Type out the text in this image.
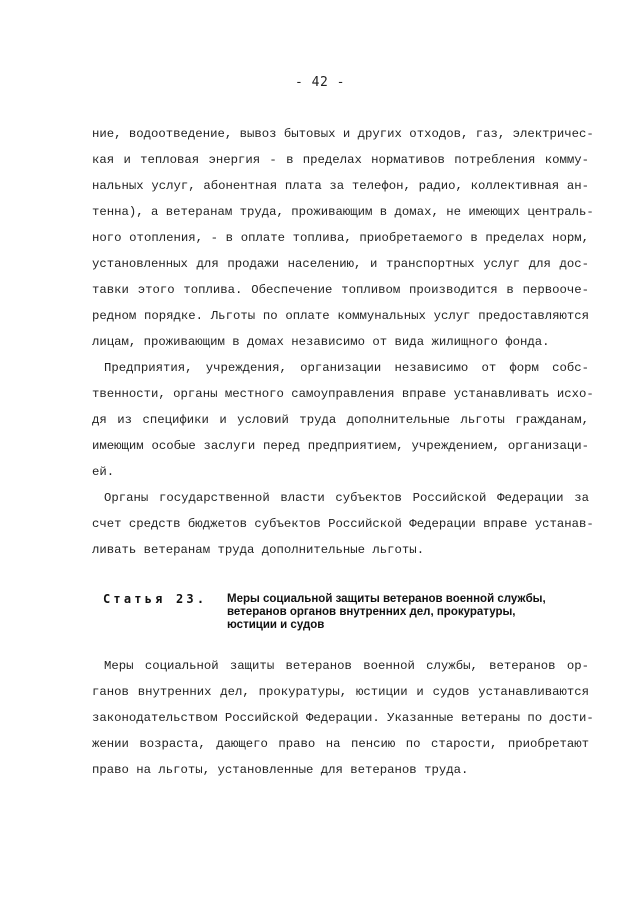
- 42 -
ние, водоотведение, вывоз бытовых и других отходов, газ, электричес-
кая и тепловая энергия - в пределах нормативов потребления комму-
нальных услуг, абонентная плата за телефон, радио, коллективная ан-
тенна), а ветеранам труда, проживающим в домах, не имеющих централь-
ного отопления, - в оплате топлива, приобретаемого в пределах норм,
установленных для продажи населению, и транспортных услуг для дос-
тавки этого топлива. Обеспечение топливом производится в первооче-
редном порядке. Льготы по оплате коммунальных услуг предоставляются
лицам, проживающим в домах независимо от вида жилищного фонда.
Предприятия, учреждения, организации независимо от форм собс-
твенности, органы местного самоуправления вправе устанавливать исхо-
дя из специфики и условий труда дополнительные льготы гражданам,
имеющим особые заслуги перед предприятием, учреждением, организаци-
ей.
Органы государственной власти субъектов Российской Федерации за
счет средств бюджетов субъектов Российской Федерации вправе устанав-
ливать ветеранам труда дополнительные льготы.
Статья 23. Меры социальной защиты ветеранов военной службы,
ветеранов органов внутренних дел, прокуратуры,
юстиции и судов
Меры социальной защиты ветеранов военной службы, ветеранов ор-
ганов внутренних дел, прокуратуры, юстиции и судов устанавливаются
законодательством Российской Федерации. Указанные ветераны по дости-
жении возраста, дающего право на пенсию по старости, приобретают
право на льготы, установленные для ветеранов труда.
